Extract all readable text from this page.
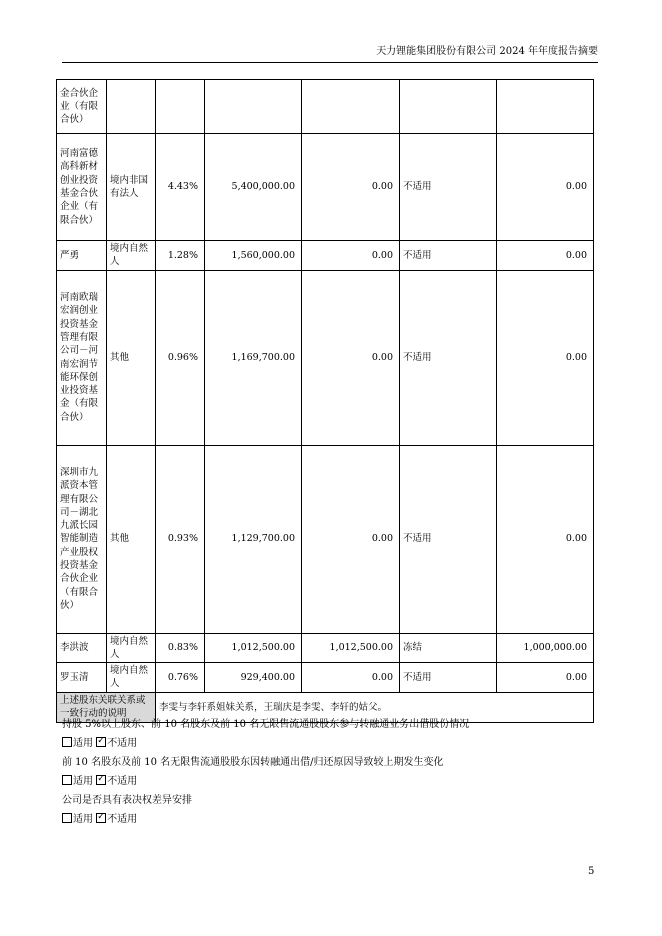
天力锂能集团股份有限公司 2024 年年度报告摘要
金合伙企业（有限合伙）						
河南富德高科新材创业投资基金合伙企业（有限合伙）	境内非国有法人	4.43%	5,400,000.00	0.00	不适用	0.00
严勇	境内自然人	1.28%	1,560,000.00	0.00	不适用	0.00
河南欧瑞宏润创业投资基金管理有限公司－河南宏润节能环保创业投资基金（有限合伙）	其他	0.96%	1,169,700.00	0.00	不适用	0.00
深圳市九派资本管理有限公司－湖北九派长园智能制造产业股权投资基金合伙企业（有限合伙）	其他	0.93%	1,129,700.00	0.00	不适用	0.00
李洪波	境内自然人	0.83%	1,012,500.00	1,012,500.00	冻结	1,000,000.00
罗玉清	境内自然人	0.76%	929,400.00	0.00	不适用	0.00
上述股东关联关系或一致行动的说明		李雯与李轩系姐妹关系，王瑞庆是李雯、李轩的姑父。				
持股 5%以上股东、前 10 名股东及前 10 名无限售流通股股东参与转融通业务出借股份情况
适用 ✓ 不适用
前 10 名股东及前 10 名无限售流通股股东因转融通出借/归还原因导致较上期发生变化
适用 ✓ 不适用
公司是否具有表决权差异安排
适用 ✓ 不适用
5
